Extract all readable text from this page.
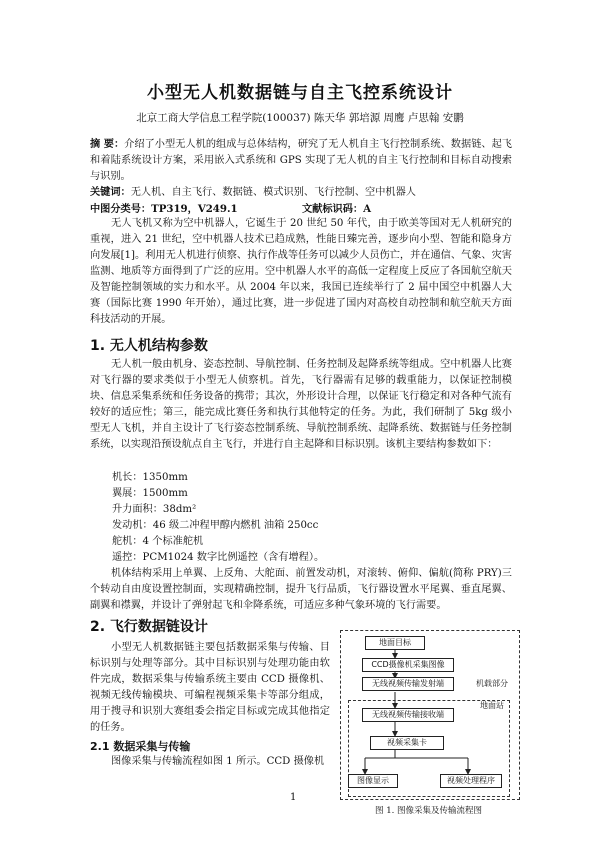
小型无人机数据链与自主飞控系统设计
北京工商大学信息工程学院(100037) 陈天华 郭培源 周鹰 卢思翰 安鹏
摘 要：介绍了小型无人机的组成与总体结构，研究了无人机自主飞行控制系统、数据链、起飞和着陆系统设计方案，采用嵌入式系统和 GPS 实现了无人机的自主飞行控制和目标自动搜索与识别。
关键词：无人机、自主飞行、数据链、模式识别、飞行控制、空中机器人
中图分类号：TP319，V249.1	文献标识码：A
无人飞机又称为空中机器人，它诞生于 20 世纪 50 年代，由于欧美等国对无人机研究的重视，进入 21 世纪，空中机器人技术已趋成熟，性能日臻完善，逐步向小型、智能和隐身方向发展[1]。利用无人机进行侦察、执行作战等任务可以减少人员伤亡，并在通信、气象、灾害监测、地质等方面得到了广泛的应用。空中机器人水平的高低一定程度上反应了各国航空航天及智能控制领域的实力和水平。从 2004 年以来，我国已连续举行了 2 届中国空中机器人大赛（国际比赛 1990 年开始），通过比赛，进一步促进了国内对高校自动控制和航空航天方面科技活动的开展。
1. 无人机结构参数
无人机一般由机身、姿态控制、导航控制、任务控制及起降系统等组成。空中机器人比赛对飞行器的要求类似于小型无人侦察机。首先，飞行器需有足够的载重能力，以保证控制模块、信息采集系统和任务设备的携带；其次，外形设计合理，以保证飞行稳定和对各种气流有较好的适应性；第三，能完成比赛任务和执行其他特定的任务。为此，我们研制了 5kg 级小型无人飞机，并自主设计了飞行姿态控制系统、导航控制系统、起降系统、数据链与任务控制系统，以实现沿预设航点自主飞行，并进行自主起降和目标识别。该机主要结构参数如下：
机长：1350mm
翼展：1500mm
升力面积：38dm²
发动机：46 级二冲程甲醇内燃机 油箱 250cc
舵机：4 个标准舵机
遥控：PCM1024 数字比例遥控（含有增程）。
机体结构采用上单翼、上反角、大舵面、前置发动机，对滚转、俯仰、偏航(简称 PRY)三个转动自由度设置控制面，实现精确控制，提升飞行品质，飞行器设置水平尾翼、垂直尾翼、副翼和襟翼，并设计了弹射起飞和伞降系统，可适应多种气象环境的飞行需要。
2. 飞行数据链设计
小型无人机数据链主要包括数据采集与传输、目标识别与处理等部分。其中目标识别与处理功能由软件完成，数据采集与传输系统主要由 CCD 摄像机、视频无线传输模块、可编程视频采集卡等部分组成，用于搜寻和识别大赛组委会指定目标或完成其他指定的任务。
2.1 数据采集与传输
图像采集与传输流程如图 1 所示。CCD 摄像机
地面目标
CCD摄像机采集图像
无线视频传输发射端	机载部分
地面站
无线视频传输接收端
视频采集卡
图像显示	视频处理程序
图 1. 图像采集及传输流程图
1
